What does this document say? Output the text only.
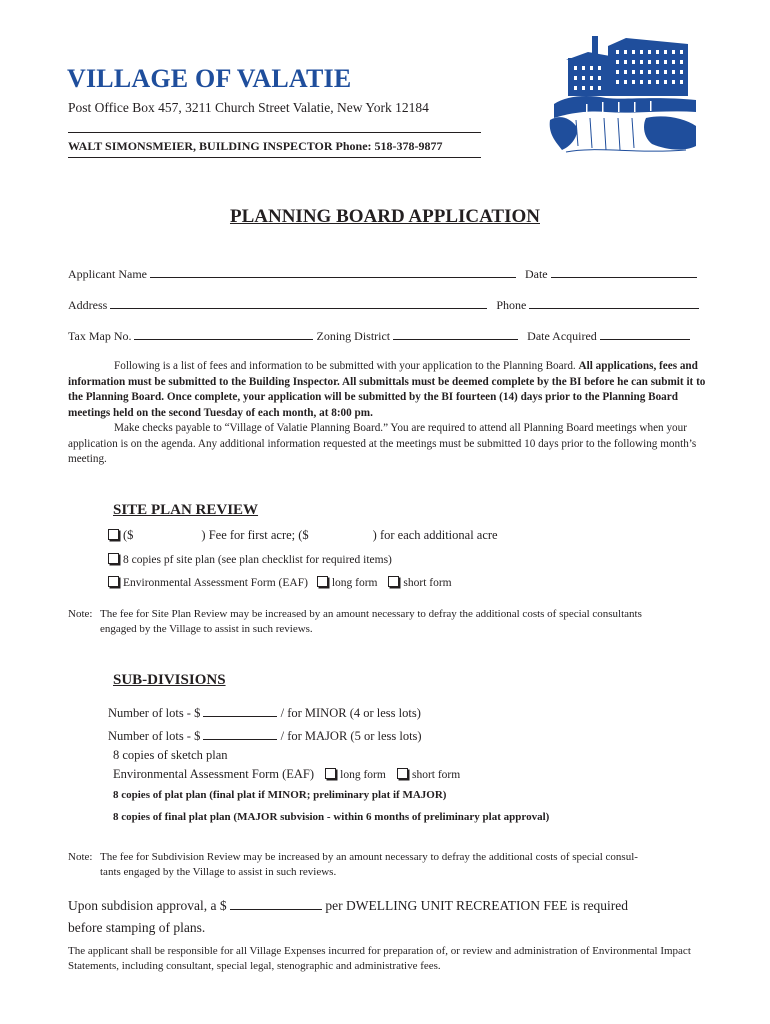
VILLAGE OF VALATIE
Post Office Box 457, 3211 Church Street Valatie, New York 12184
WALT SIMONSMEIER, BUILDING INSPECTOR Phone: 518-378-9877
PLANNING BOARD APPLICATION
Applicant Name	Date
Address	Phone
Tax Map No.	Zoning District	Date Acquired

Following is a list of fees and information to be submitted with your application to the Planning Board. All applications, fees and information must be submitted to the Building Inspector. All submittals must be deemed complete by the BI before he can submit it to the Planning Board. Once complete, your application will be submitted by the BI fourteen (14) days prior to the Planning Board meetings held on the second Tuesday of each month, at 8:00 pm.

Make checks payable to “Village of Valatie Planning Board.” You are required to attend all Planning Board meetings when your application is on the agenda. Any additional information requested at the meetings must be submitted 10 days prior to the following month’s meeting.

SITE PLAN REVIEW
($	) Fee for first acre; ($	) for each additional acre
8 copies pf site plan (see plan checklist for required items)
Environmental Assessment Form (EAF) long form short form
Note: The fee for Site Plan Review may be increased by an amount necessary to defray the additional costs of special consultants
engaged by the Village to assist in such reviews.
SUB-DIVISIONS
Number of lots - $	/ for MINOR (4 or less lots)
Number of lots - $	/ for MAJOR (5 or less lots)
8 copies of sketch plan
Environmental Assessment Form (EAF) long form short form
8 copies of plat plan (final plat if MINOR; preliminary plat if MAJOR)
8 copies of final plat plan (MAJOR subvision - within 6 months of preliminary plat approval)
Note: The fee for Subdivision Review may be increased by an amount necessary to defray the additional costs of special consul-
tants engaged by the Village to assist in such reviews.
Upon subdision approval, a $	per DWELLING UNIT RECREATION FEE is required
before stamping of plans.
The applicant shall be responsible for all Village Expenses incurred for preparation of, or review and administration of Environmental Impact Statements, including consultant, special legal, stenographic and administrative fees.
